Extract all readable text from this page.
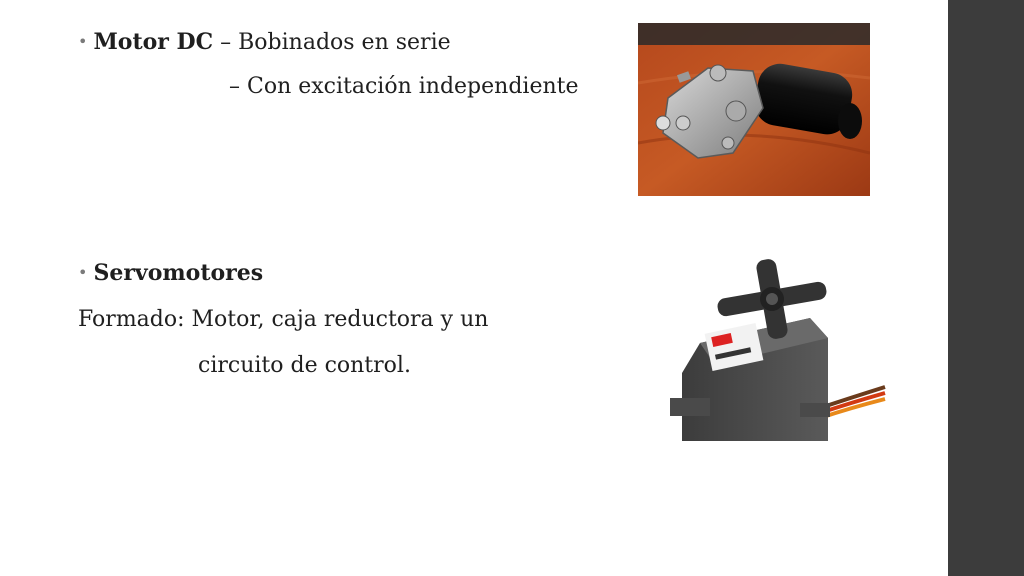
• Motor DC – Bobinados en serie
– Con excitación independiente
• Servomotores
Formado: Motor, caja reductora y un
circuito de control.
